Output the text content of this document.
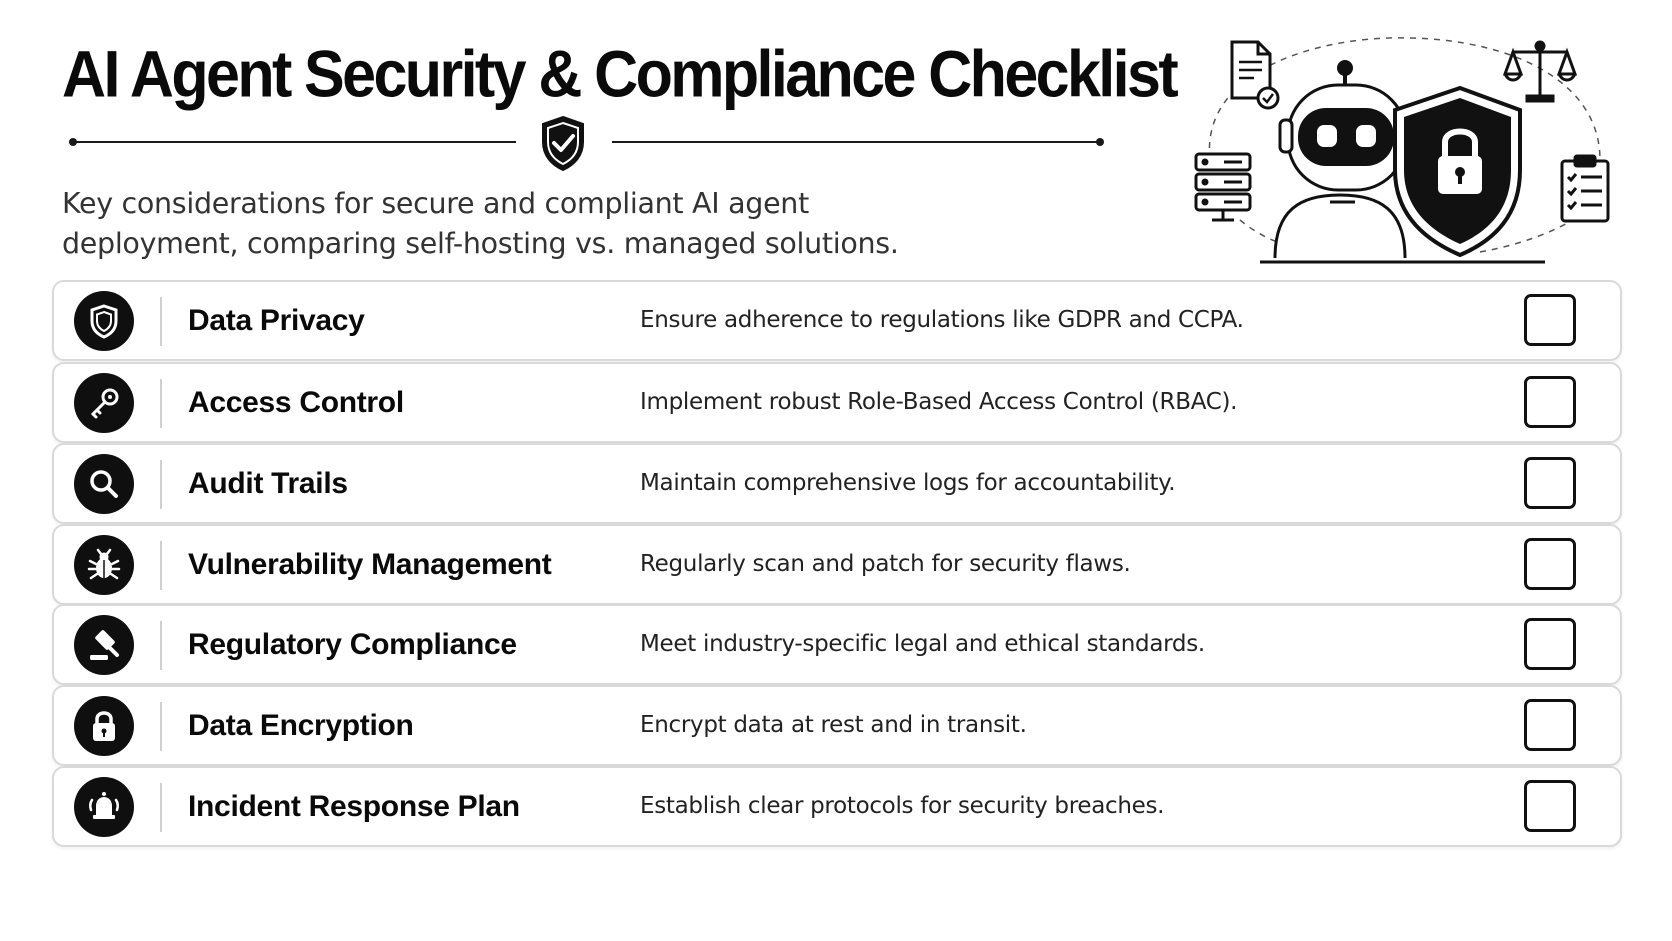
AI Agent Security & Compliance Checklist
Key considerations for secure and compliant AI agent deployment, comparing self-hosting vs. managed solutions.
Data Privacy	Ensure adherence to regulations like GDPR and CCPA.
Access Control	Implement robust Role-Based Access Control (RBAC).
Audit Trails	Maintain comprehensive logs for accountability.
Vulnerability Management	Regularly scan and patch for security flaws.
Regulatory Compliance	Meet industry-specific legal and ethical standards.
Data Encryption	Encrypt data at rest and in transit.
Incident Response Plan	Establish clear protocols for security breaches.
